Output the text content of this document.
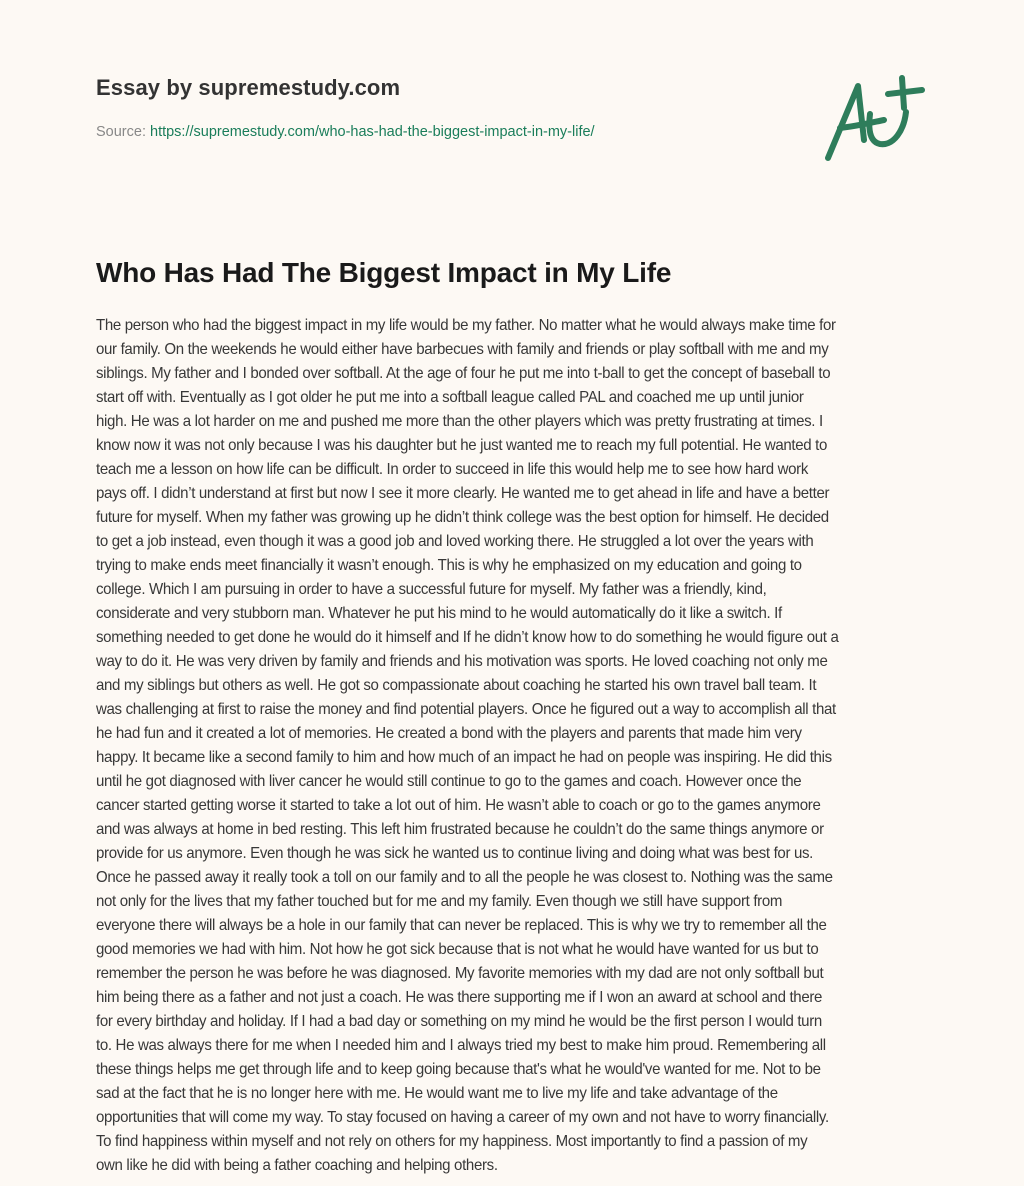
Essay by supremestudy.com
Source: https://supremestudy.com/who-has-had-the-biggest-impact-in-my-life/
Who Has Had The Biggest Impact in My Life
The person who had the biggest impact in my life would be my father. No matter what he would always make time for
our family. On the weekends he would either have barbecues with family and friends or play softball with me and my
siblings. My father and I bonded over softball. At the age of four he put me into t-ball to get the concept of baseball to
start off with. Eventually as I got older he put me into a softball league called PAL and coached me up until junior
high. He was a lot harder on me and pushed me more than the other players which was pretty frustrating at times. I
know now it was not only because I was his daughter but he just wanted me to reach my full potential. He wanted to
teach me a lesson on how life can be difficult. In order to succeed in life this would help me to see how hard work
pays off. I didn’t understand at first but now I see it more clearly. He wanted me to get ahead in life and have a better
future for myself. When my father was growing up he didn’t think college was the best option for himself. He decided
to get a job instead, even though it was a good job and loved working there. He struggled a lot over the years with
trying to make ends meet financially it wasn’t enough. This is why he emphasized on my education and going to
college. Which I am pursuing in order to have a successful future for myself. My father was a friendly, kind,
considerate and very stubborn man. Whatever he put his mind to he would automatically do it like a switch. If
something needed to get done he would do it himself and If he didn’t know how to do something he would figure out a
way to do it. He was very driven by family and friends and his motivation was sports. He loved coaching not only me
and my siblings but others as well. He got so compassionate about coaching he started his own travel ball team. It
was challenging at first to raise the money and find potential players. Once he figured out a way to accomplish all that
he had fun and it created a lot of memories. He created a bond with the players and parents that made him very
happy. It became like a second family to him and how much of an impact he had on people was inspiring. He did this
until he got diagnosed with liver cancer he would still continue to go to the games and coach. However once the
cancer started getting worse it started to take a lot out of him. He wasn’t able to coach or go to the games anymore
and was always at home in bed resting. This left him frustrated because he couldn’t do the same things anymore or
provide for us anymore. Even though he was sick he wanted us to continue living and doing what was best for us.
Once he passed away it really took a toll on our family and to all the people he was closest to. Nothing was the same
not only for the lives that my father touched but for me and my family. Even though we still have support from
everyone there will always be a hole in our family that can never be replaced. This is why we try to remember all the
good memories we had with him. Not how he got sick because that is not what he would have wanted for us but to
remember the person he was before he was diagnosed. My favorite memories with my dad are not only softball but
him being there as a father and not just a coach. He was there supporting me if I won an award at school and there
for every birthday and holiday. If I had a bad day or something on my mind he would be the first person I would turn
to. He was always there for me when I needed him and I always tried my best to make him proud. Remembering all
these things helps me get through life and to keep going because that's what he would've wanted for me. Not to be
sad at the fact that he is no longer here with me. He would want me to live my life and take advantage of the
opportunities that will come my way. To stay focused on having a career of my own and not have to worry financially.
To find happiness within myself and not rely on others for my happiness. Most importantly to find a passion of my
own like he did with being a father coaching and helping others.
